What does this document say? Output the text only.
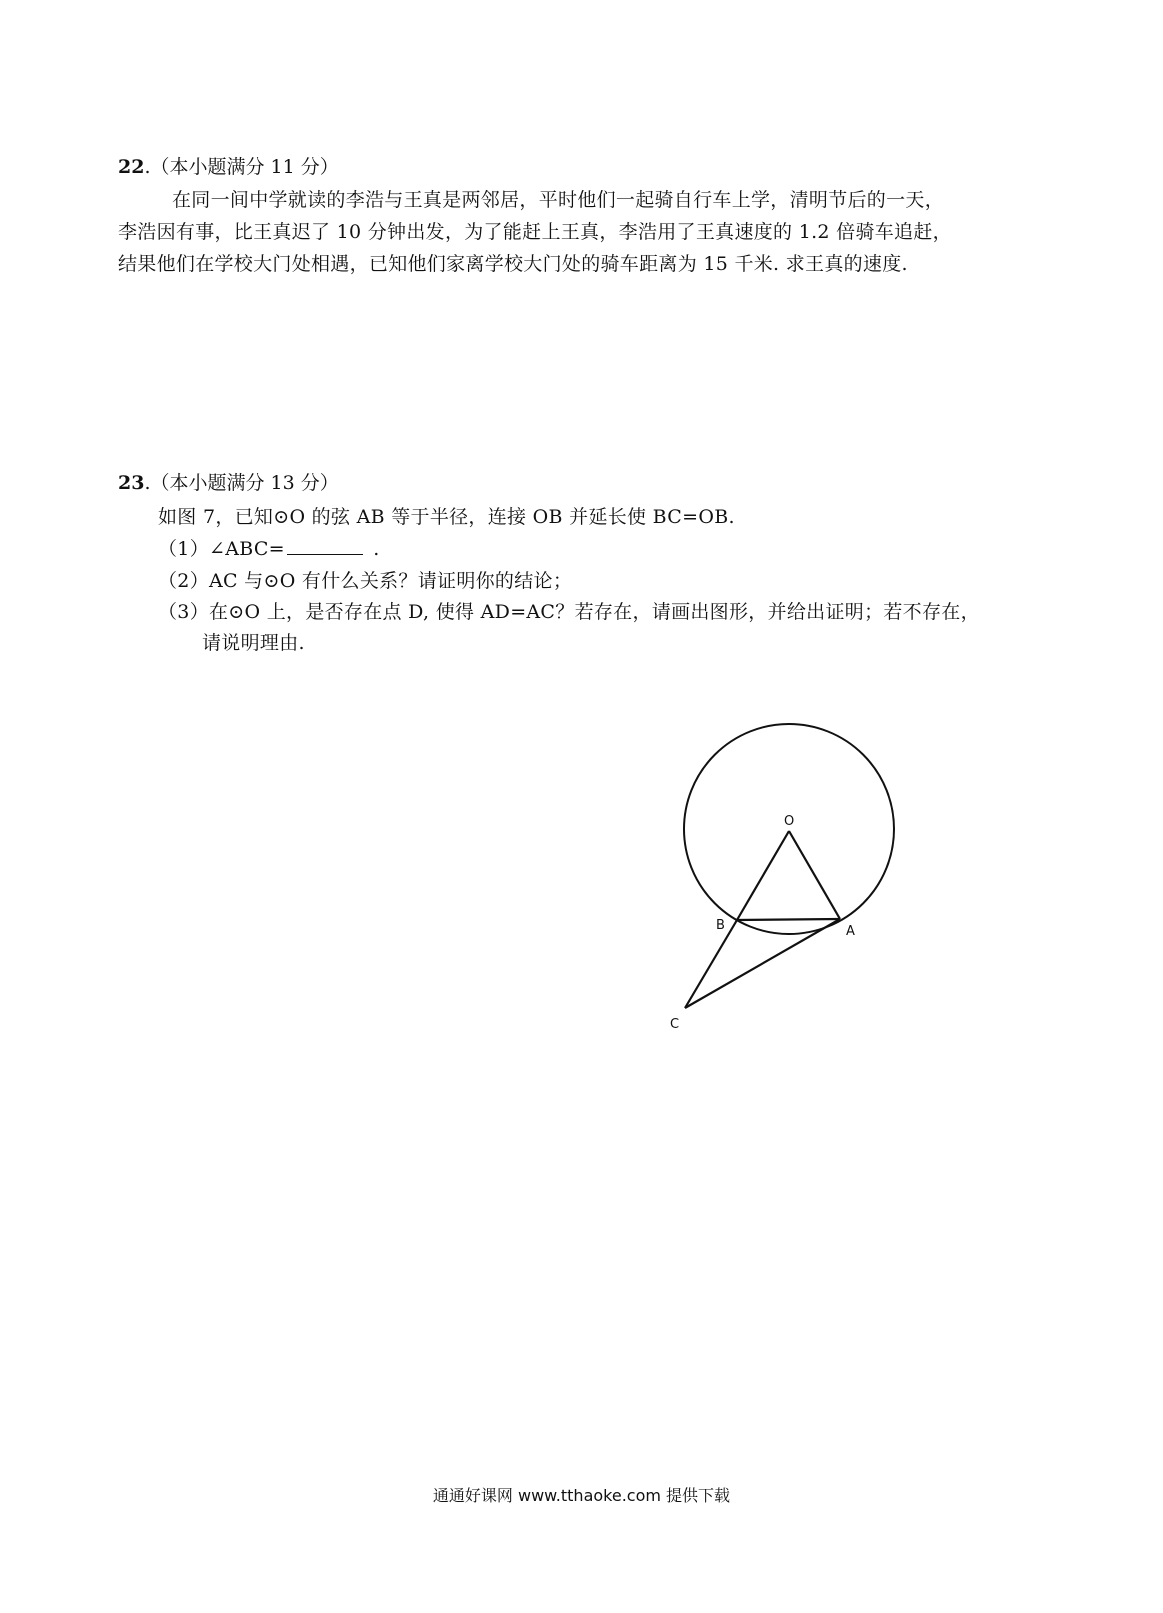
22.（本小题满分 11 分）
在同一间中学就读的李浩与王真是两邻居，平时他们一起骑自行车上学，清明节后的一天，
李浩因有事，比王真迟了 10 分钟出发，为了能赶上王真，李浩用了王真速度的 1.2 倍骑车追赶，
结果他们在学校大门处相遇，已知他们家离学校大门处的骑车距离为 15 千米. 求王真的速度.
23.（本小题满分 13 分）
如图 7，已知⊙O 的弦 AB 等于半径，连接 OB 并延长使 BC=OB.
（1）∠ABC=	.
（2）AC 与⊙O 有什么关系？请证明你的结论；
（3）在⊙O 上，是否存在点 D, 使得 AD=AC？若存在，请画出图形，并给出证明；若不存在，
请说明理由.
O
B	A
C
通通好课网 www.tthaoke.com 提供下载
